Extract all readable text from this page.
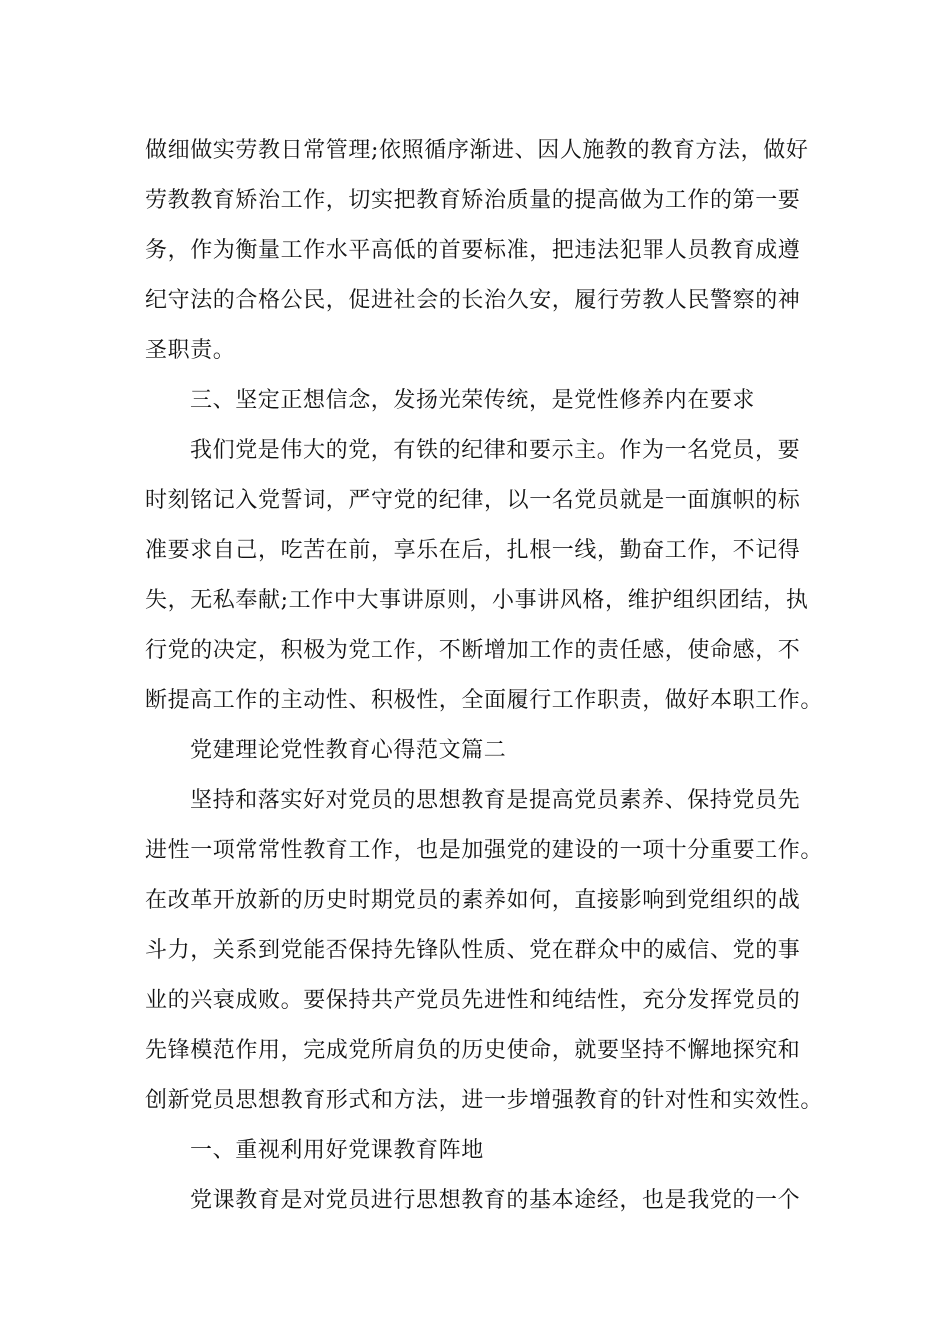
做细做实劳教日常管理;依照循序渐进、因人施教的教育方法，做好

劳教教育矫治工作，切实把教育矫治质量的提高做为工作的第一要

务，作为衡量工作水平高低的首要标准，把违法犯罪人员教育成遵

纪守法的合格公民，促进社会的长治久安，履行劳教人民警察的神

圣职责。

三、坚定正想信念，发扬光荣传统，是党性修养内在要求

我们党是伟大的党，有铁的纪律和要示主。作为一名党员，要

时刻铭记入党誓词，严守党的纪律，以一名党员就是一面旗帜的标

准要求自己，吃苦在前，享乐在后，扎根一线，勤奋工作，不记得

失，无私奉献;工作中大事讲原则，小事讲风格，维护组织团结，执

行党的决定，积极为党工作，不断增加工作的责任感，使命感，不

断提高工作的主动性、积极性，全面履行工作职责，做好本职工作。

党建理论党性教育心得范文篇二

坚持和落实好对党员的思想教育是提高党员素养、保持党员先

进性一项常常性教育工作，也是加强党的建设的一项十分重要工作。

在改革开放新的历史时期党员的素养如何，直接影响到党组织的战

斗力，关系到党能否保持先锋队性质、党在群众中的威信、党的事

业的兴衰成败。要保持共产党员先进性和纯结性，充分发挥党员的

先锋模范作用，完成党所肩负的历史使命，就要坚持不懈地探究和

创新党员思想教育形式和方法，进一步增强教育的针对性和实效性。

一、重视利用好党课教育阵地

党课教育是对党员进行思想教育的基本途经，也是我党的一个
